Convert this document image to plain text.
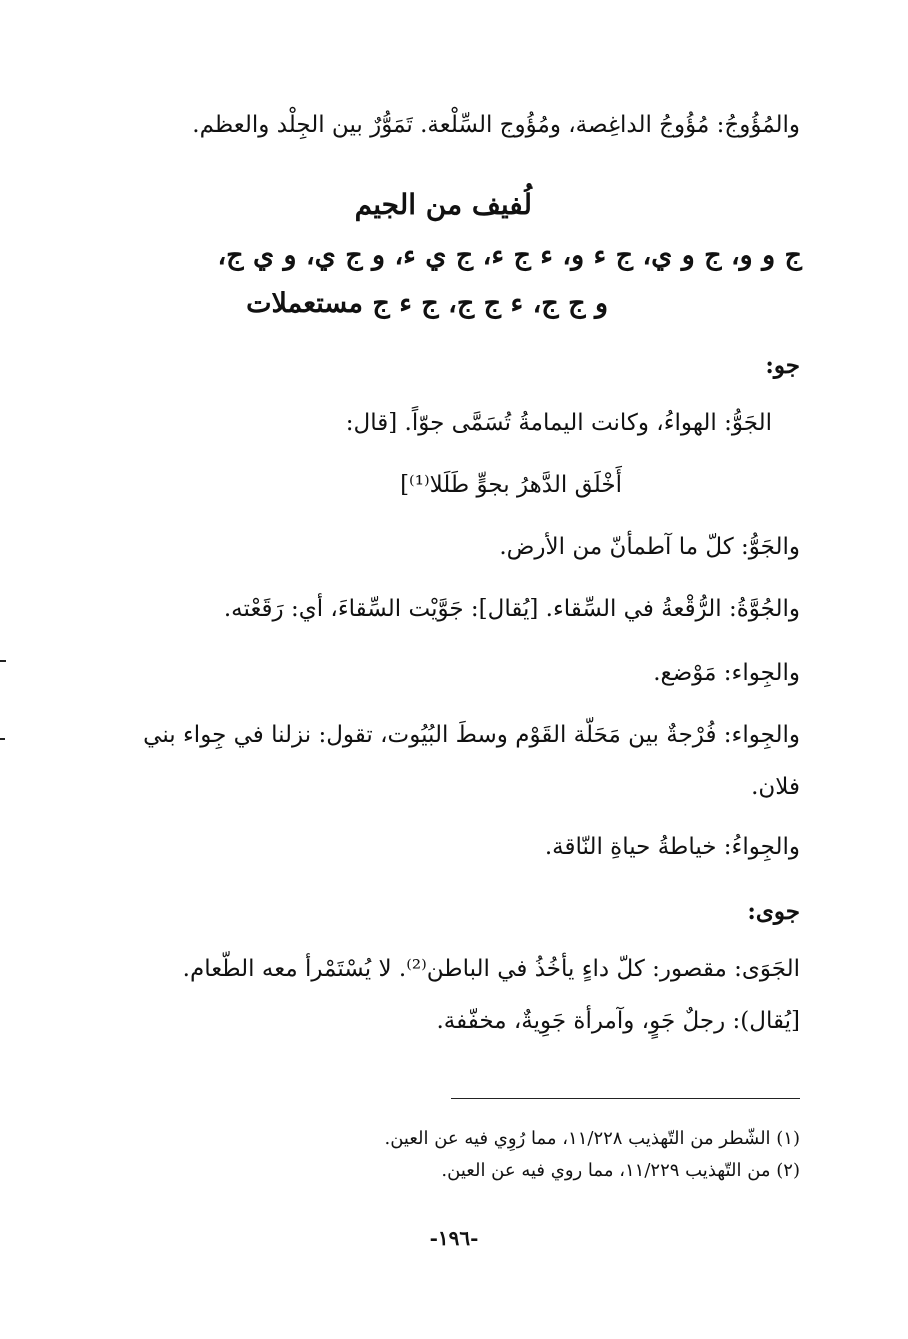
والمُؤُوجُ: مُؤُوجُ الداغِصة، ومُؤُوج السِّلْعة. تَمَوُّرٌ بين الجِلْد والعظم.
لُفيف من الجيم
ج و و، ج و ي، ج ء و، ء ج ء، ج ي ء، و ج ي، و ي ج،
و ج ج، ء ج ج، ج ء ج مستعملات
جو:
الجَوُّ: الهواءُ، وكانت اليمامةُ تُسَمَّى جوّاً. [قال:
أَخْلَق الدَّهرُ بجوٍّ طَلَلا⁽¹⁾]
والجَوُّ: كلّ ما آطمأنّ من الأرض.
والجُوَّةُ: الرُّقْعةُ في السِّقاء. [يُقال]: جَوَّيْت السِّقاءَ، أي: رَقَعْته.
والجِواء: مَوْضع.
والجِواء: فُرْجةٌ بين مَحَلّة القَوْم وسطَ البُيُوت، تقول: نزلنا في جِواء بني
فلان.
والجِواءُ: خياطةُ حياةِ النّاقة.
جوى:
الجَوَى: مقصور: كلّ داءٍ يأخُذُ في الباطن⁽²⁾. لا يُسْتَمْرأ معه الطّعام.
[يُقال): رجلٌ جَوٍ، وآمرأة جَوِيةٌ، مخفّفة.
(١) الشّطر من التّهذيب ١١/٢٢٨، مما رُوِي فيه عن العين.
(٢) من التّهذيب ١١/٢٢٩، مما روي فيه عن العين.
-١٩٦-
